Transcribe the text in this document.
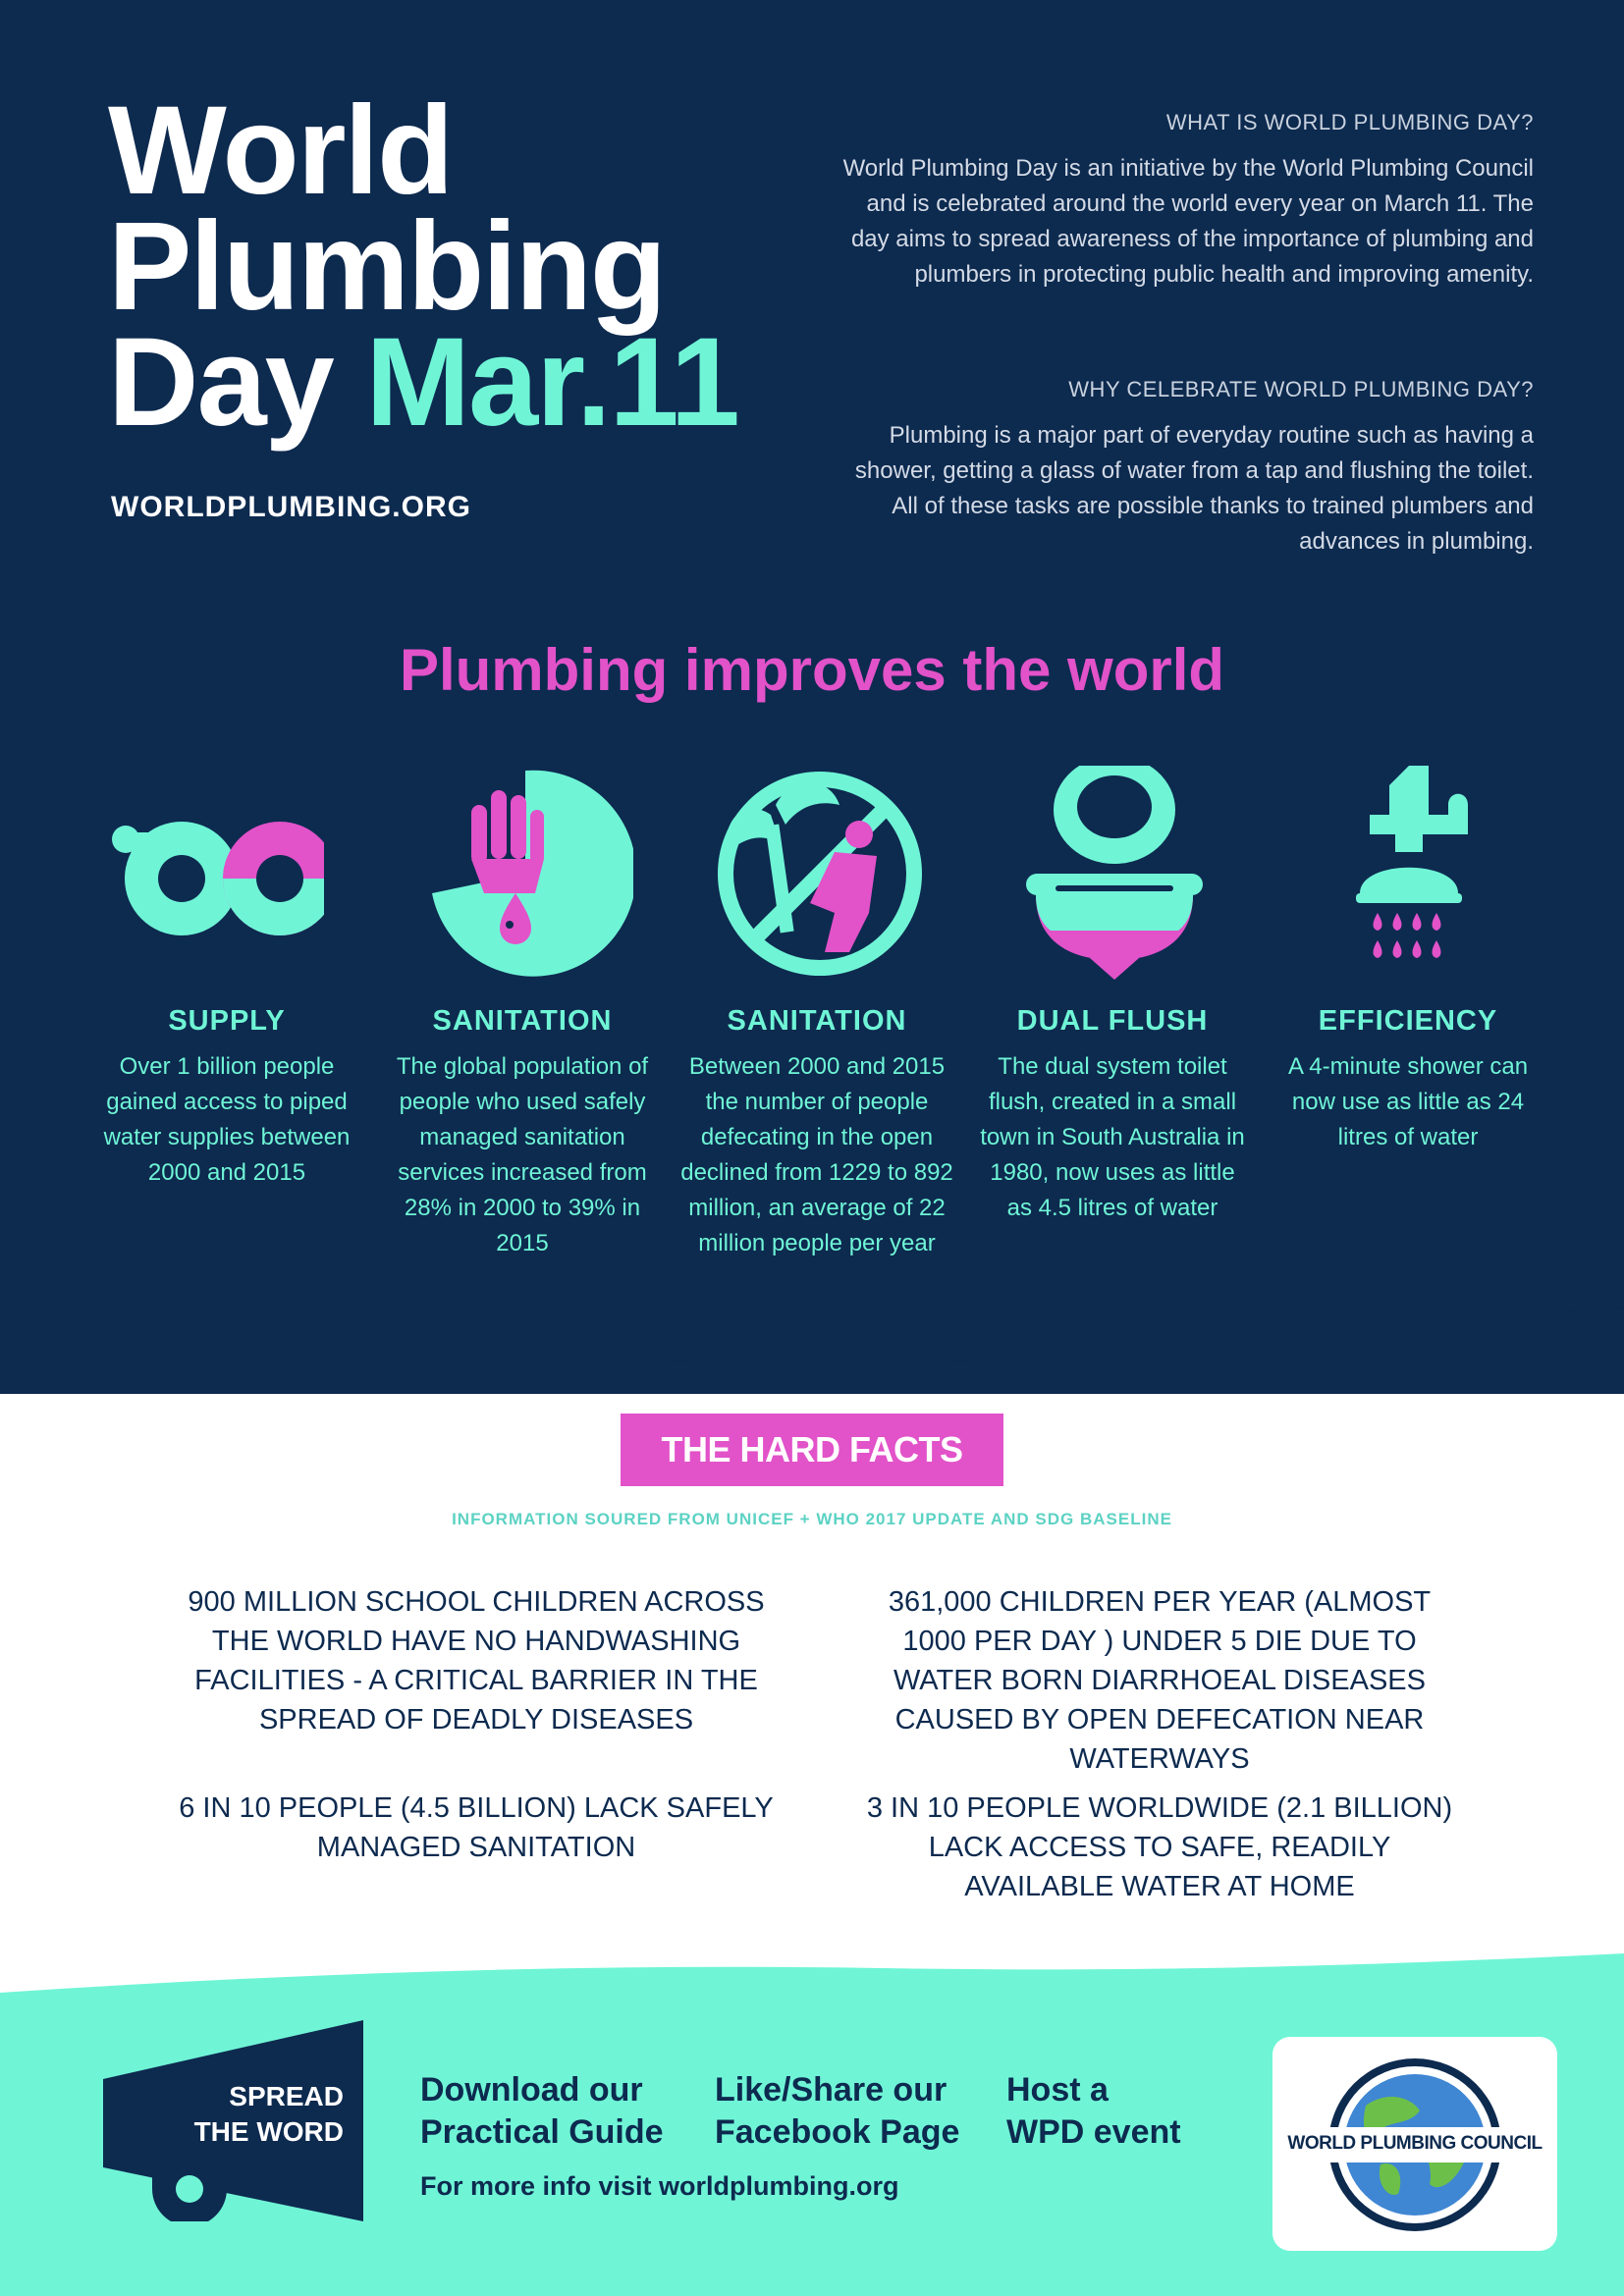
World
Plumbing
Day Mar.11
WORLDPLUMBING.ORG
WHAT IS WORLD PLUMBING DAY?
World Plumbing Day is an initiative by the World Plumbing Council and is celebrated around the world every year on March 11. The day aims to spread awareness of the importance of plumbing and plumbers in protecting public health and improving amenity.
WHY CELEBRATE WORLD PLUMBING DAY?
Plumbing is a major part of everyday routine such as having a shower, getting a glass of water from a tap and flushing the toilet. All of these tasks are possible thanks to trained plumbers and advances in plumbing.
Plumbing improves the world
SUPPLY
Over 1 billion people gained access to piped water supplies between 2000 and 2015
SANITATION
The global population of people who used safely managed sanitation services increased from 28% in 2000 to 39% in 2015
SANITATION
Between 2000 and 2015 the number of people defecating in the open declined from 1229 to 892 million, an average of 22 million people per year
DUAL FLUSH
The dual system toilet flush, created in a small town in South Australia in 1980, now uses as little as 4.5 litres of water
EFFICIENCY
A 4-minute shower can now use as little as 24 litres of water
THE HARD FACTS
INFORMATION SOURED FROM UNICEF + WHO 2017 UPDATE AND SDG BASELINE
900 MILLION SCHOOL CHILDREN ACROSS THE WORLD HAVE NO HANDWASHING FACILITIES - A CRITICAL BARRIER IN THE SPREAD OF DEADLY DISEASES
361,000 CHILDREN PER YEAR (ALMOST 1000 PER DAY ) UNDER 5 DIE DUE TO WATER BORN DIARRHOEAL DISEASES CAUSED BY OPEN DEFECATION NEAR WATERWAYS
6 IN 10 PEOPLE (4.5 BILLION) LACK SAFELY MANAGED SANITATION
3 IN 10 PEOPLE WORLDWIDE (2.1 BILLION) LACK ACCESS TO SAFE, READILY AVAILABLE WATER AT HOME
SPREAD
THE WORD
Download our
Practical Guide
Like/Share our
Facebook Page
Host a
WPD event
For more info visit worldplumbing.org
WORLD PLUMBING COUNCIL
